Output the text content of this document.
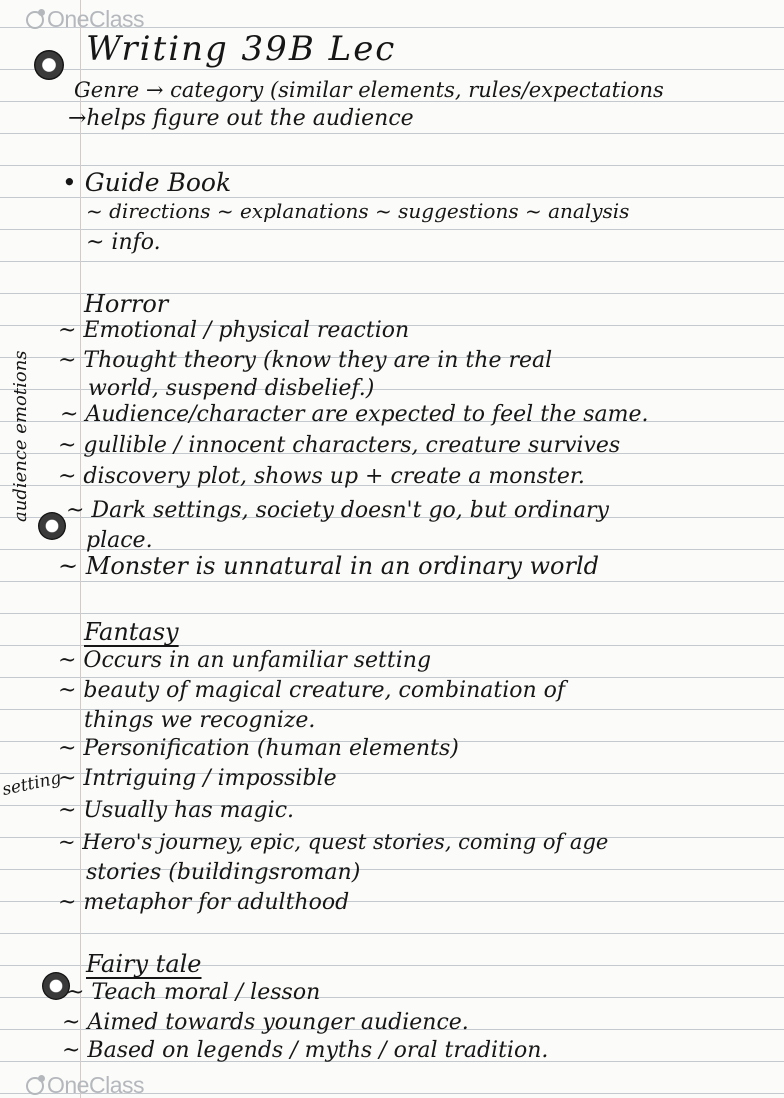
OneClass
Writing 39B Lec
Genre → category (similar elements, rules/expectations
→helps figure out the audience
• Guide Book
~ directions ~ explanations ~ suggestions ~ analysis
~ info.
Horror
audience emotions
~ Emotional / physical reaction
~ Thought theory (know they are in the real
world, suspend disbelief.)
~ Audience/character are expected to feel the same.
~ gullible / innocent characters, creature survives
~ discovery plot, shows up + create a monster.
~ Dark settings, society doesn't go, but ordinary
place.
~ Monster is unnatural in an ordinary world
Fantasy
setting
~ Occurs in an unfamiliar setting
~ beauty of magical creature, combination of
things we recognize.
~ Personification (human elements)
~ Intriguing / impossible
~ Usually has magic.
~ Hero's journey, epic, quest stories, coming of age
stories (buildingsroman)
~ metaphor for adulthood
Fairy tale
~ Teach moral / lesson
~ Aimed towards younger audience.
~ Based on legends / myths / oral tradition.
OneClass
